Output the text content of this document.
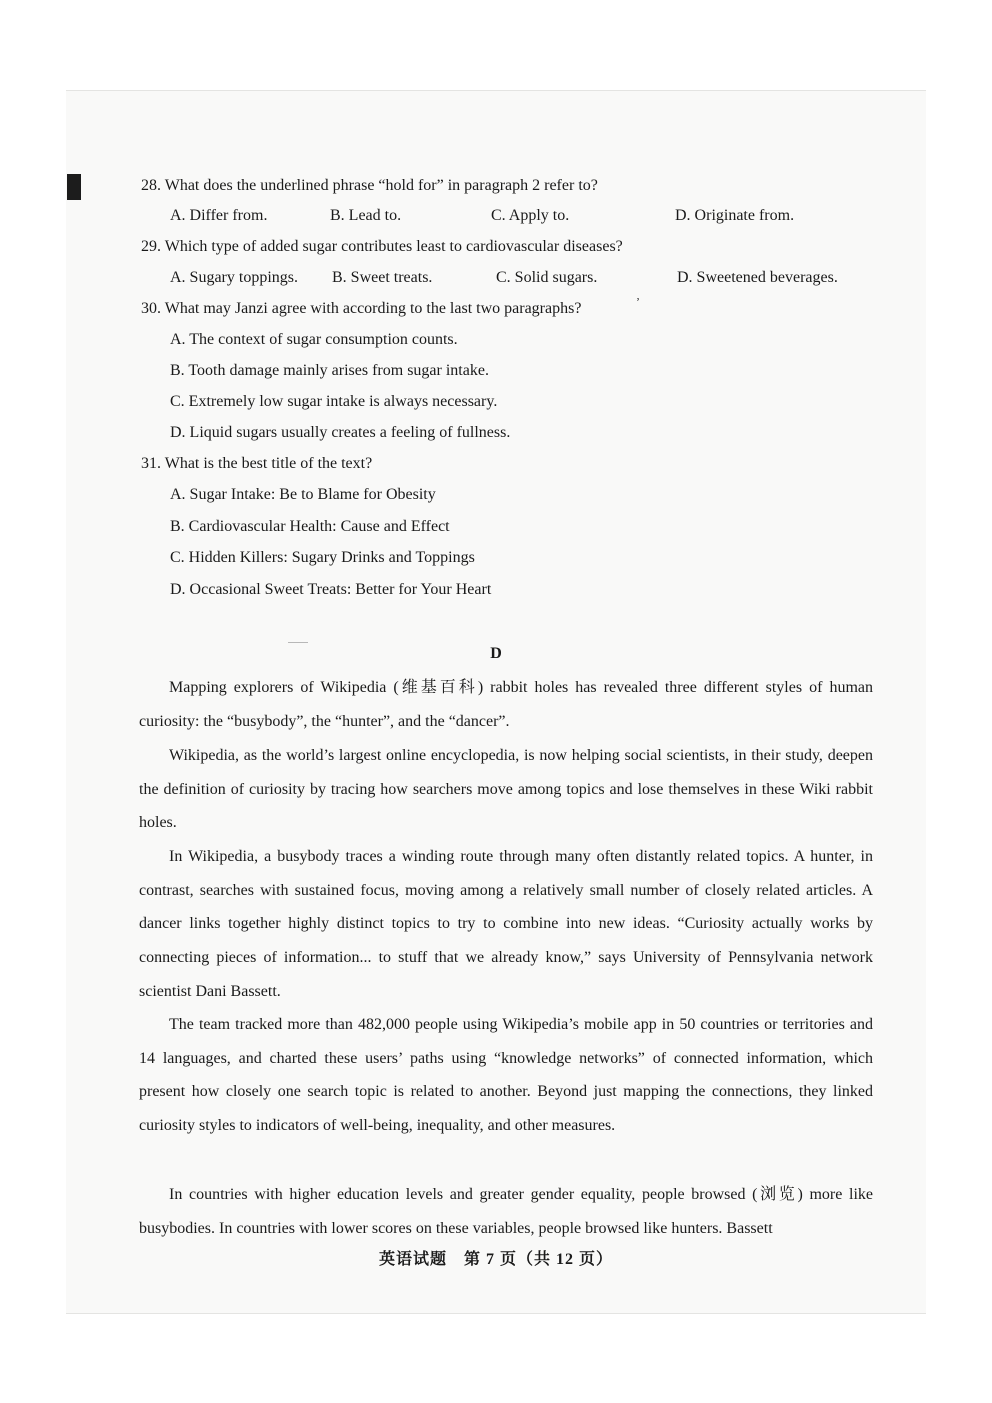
28. What does the underlined phrase “hold for” in paragraph 2 refer to?
A. Differ from.	B. Lead to.	C. Apply to.	D. Originate from.
29. Which type of added sugar contributes least to cardiovascular diseases?
A. Sugary toppings. B. Sweet treats.	C. Solid sugars.	D. Sweetened beverages.
30. What may Janzi agree with according to the last two paragraphs?	ʼ
A. The context of sugar consumption counts.
B. Tooth damage mainly arises from sugar intake.
C. Extremely low sugar intake is always necessary.
D. Liquid sugars usually creates a feeling of fullness.
31. What is the best title of the text?
A. Sugar Intake: Be to Blame for Obesity
B. Cardiovascular Health: Cause and Effect
C. Hidden Killers: Sugary Drinks and Toppings
D. Occasional Sweet Treats: Better for Your Heart
D

Mapping explorers of Wikipedia (维基百科) rabbit holes has revealed three different styles of human curiosity: the “busybody”, the “hunter”, and the “dancer”.

Wikipedia, as the world’s largest online encyclopedia, is now helping social scientists, in their study, deepen the definition of curiosity by tracing how searchers move among topics and lose themselves in these Wiki rabbit holes.

In Wikipedia, a busybody traces a winding route through many often distantly related topics. A hunter, in contrast, searches with sustained focus, moving among a relatively small number of closely related articles. A dancer links together highly distinct topics to try to combine into new ideas. “Curiosity actually works by connecting pieces of information... to stuff that we already know,” says University of Pennsylvania network scientist Dani Bassett.

The team tracked more than 482,000 people using Wikipedia’s mobile app in 50 countries or territories and 14 languages, and charted these users’ paths using “knowledge networks” of connected information, which present how closely one search topic is related to another. Beyond just mapping the connections, they linked curiosity styles to indicators of well-being, inequality, and other measures.

In countries with higher education levels and greater gender equality, people browsed (浏览) more like busybodies. In countries with lower scores on these variables, people browsed like hunters. Bassett

英语试题　第 7 页（共 12 页）
